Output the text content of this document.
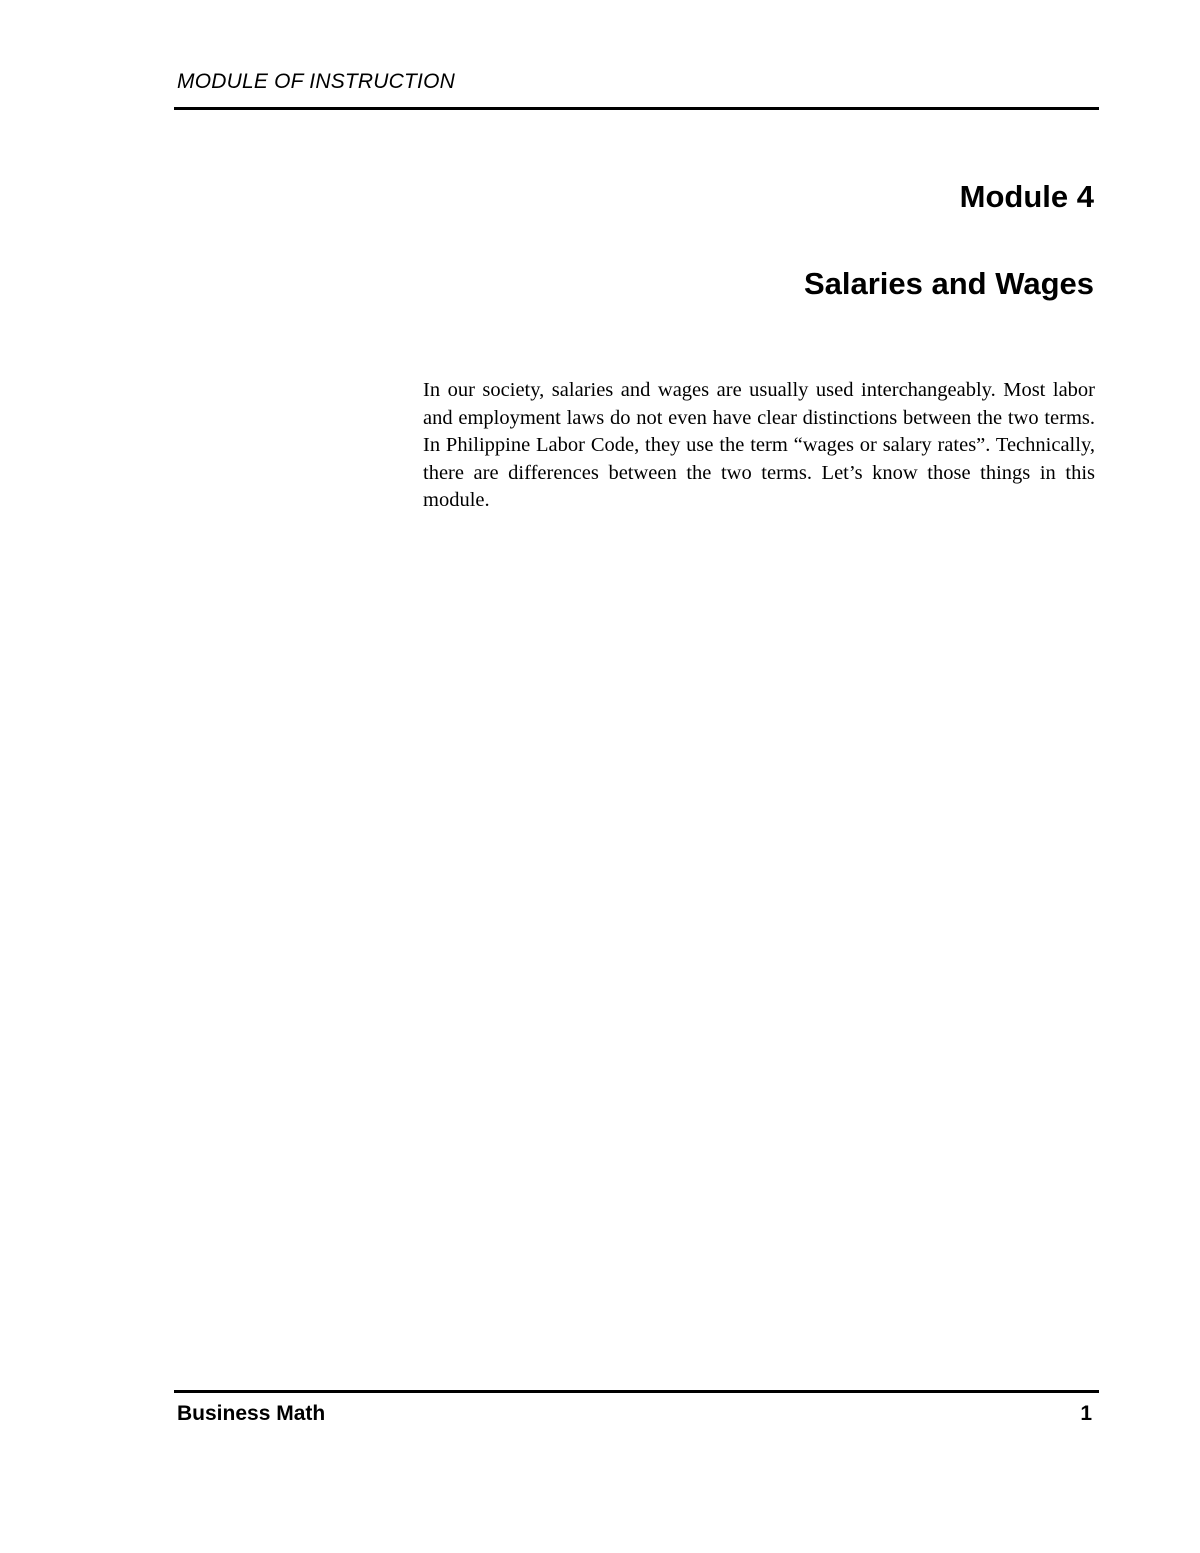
MODULE OF INSTRUCTION
Module 4
Salaries and Wages

In our society, salaries and wages are usually used interchangeably. Most labor and employment laws do not even have clear distinctions between the two terms. In Philippine Labor Code, they use the term “wages or salary rates”. Technically, there are differences between the two terms. Let’s know those things in this module.

Business Math	1
